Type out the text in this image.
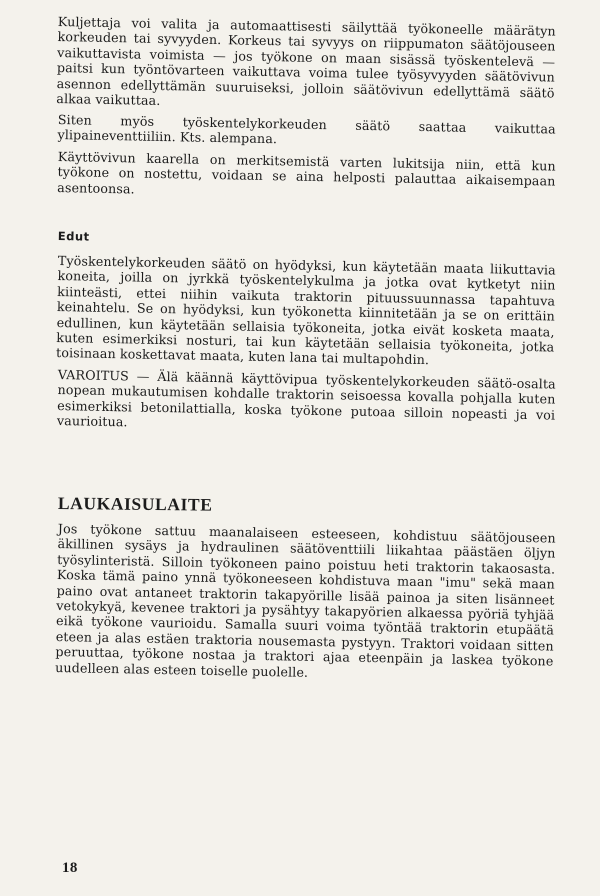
Kuljettaja voi valita ja automaattisesti säilyttää työkoneelle määrätyn korkeuden tai syvyyden. Korkeus tai syvyys on riippumaton säätöjouseen vaikuttavista voimista — jos työkone on maan sisässä työskentelevä — paitsi kun työntövarteen vaikuttava voima tulee työsyvyyden säätövivun asennon edellyttämän suuruiseksi, jolloin säätövivun edellyttämä säätö alkaa vaikuttaa.

Siten myös työskentelykorkeuden säätö saattaa vaikuttaa ylipaineventtiiliin. Kts. alempana.

Käyttövivun kaarella on merkitsemistä varten lukitsija niin, että kun työkone on nostettu, voidaan se aina helposti palauttaa aikaisempaan asentoonsa.

Edut

Työskentelykorkeuden säätö on hyödyksi, kun käytetään maata liikuttavia koneita, joilla on jyrkkä työskentelykulma ja jotka ovat kytketyt niin kiinteästi, ettei niihin vaikuta traktorin pituussuunnassa tapahtuva keinahtelu. Se on hyödyksi, kun työkonetta kiinnitetään ja se on erittäin edullinen, kun käytetään sellaisia työkoneita, jotka eivät kosketa maata, kuten esimerkiksi nosturi, tai kun käytetään sellaisia työkoneita, jotka toisinaan koskettavat maata, kuten lana tai multapohdin.

VAROITUS — Älä käännä käyttövipua työskentelykorkeuden säätö-osalta nopean mukautumisen kohdalle traktorin seisoessa kovalla pohjalla kuten esimerkiksi betonilattialla, koska työkone putoaa silloin nopeasti ja voi vaurioitua.

LAUKAISULAITE

Jos työkone sattuu maanalaiseen esteeseen, kohdistuu säätöjouseen äkillinen sysäys ja hydraulinen säätöventtiili liikahtaa päästäen öljyn työsylinteristä. Silloin työkoneen paino poistuu heti traktorin takaosasta. Koska tämä paino ynnä työkoneeseen kohdistuva maan "imu" sekä maan paino ovat antaneet traktorin takapyörille lisää painoa ja siten lisänneet vetokykyä, kevenee traktori ja pysähtyy takapyörien alkaessa pyöriä tyhjää eikä työkone vaurioidu. Samalla suuri voima työntää traktorin etupäätä eteen ja alas estäen traktoria nousemasta pystyyn. Traktori voidaan sitten peruuttaa, työkone nostaa ja traktori ajaa eteenpäin ja laskea työkone uudelleen alas esteen toiselle puolelle.

18
